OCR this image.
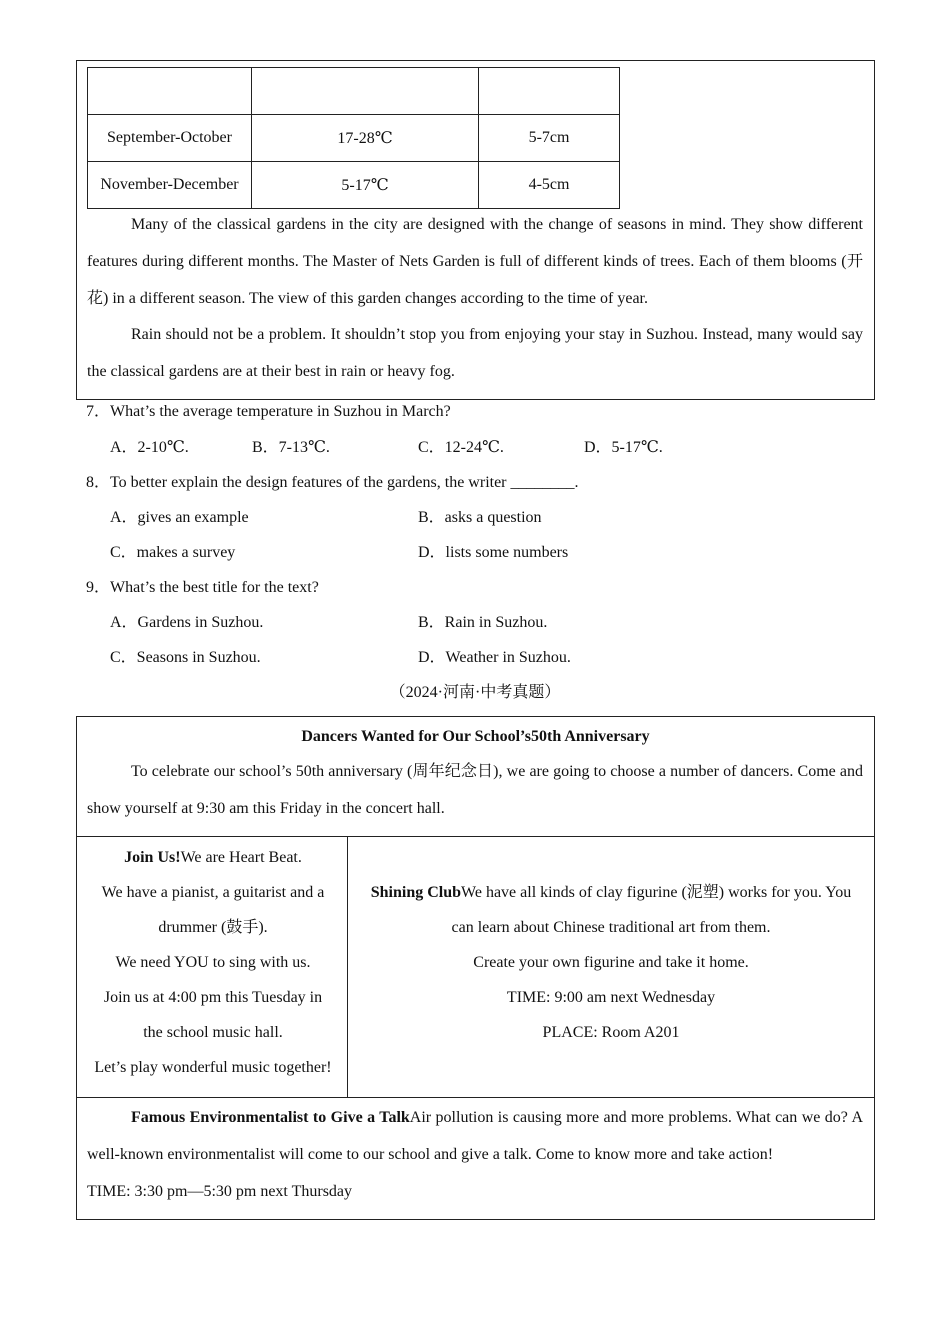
September-October	17-28℃	5-7cm
November-December	5-17℃	4-5cm
Many of the classical gardens in the city are designed with the change of seasons in mind. They show different features during different months. The Master of Nets Garden is full of different kinds of trees. Each of them blooms (开花) in a different season. The view of this garden changes according to the time of year.
Rain should not be a problem. It shouldn’t stop you from enjoying your stay in Suzhou. Instead, many would say the classical gardens are at their best in rain or heavy fog.
7．What’s the average temperature in Suzhou in March?
A．2-10℃.	B．7-13℃.	C．12-24℃.	D．5-17℃.
8．To better explain the design features of the gardens, the writer ________.
A．gives an example	B．asks a question
C．makes a survey	D．lists some numbers
9．What’s the best title for the text?
A．Gardens in Suzhou.	B．Rain in Suzhou.
C．Seasons in Suzhou.	D．Weather in Suzhou.
（2024·河南·中考真题）
Dancers Wanted for Our School’s50th Anniversary
To celebrate our school’s 50th anniversary (周年纪念日), we are going to choose a number of dancers. Come and show yourself at 9:30 am this Friday in the concert hall.
Join Us!We are Heart Beat.
We have a pianist, a guitarist and a
drummer (鼓手).
We need YOU to sing with us.
Join us at 4:00 pm this Tuesday in
the school music hall.
Let’s play wonderful music together!
Shining ClubWe have all kinds of clay figurine (泥塑) works for you. You
can learn about Chinese traditional art from them.
Create your own figurine and take it home.
TIME: 9:00 am next Wednesday
PLACE: Room A201
Famous Environmentalist to Give a TalkAir pollution is causing more and more problems. What can we do? A well-known environmentalist will come to our school and give a talk. Come to know more and take action!
TIME: 3:30 pm—5:30 pm next Thursday
